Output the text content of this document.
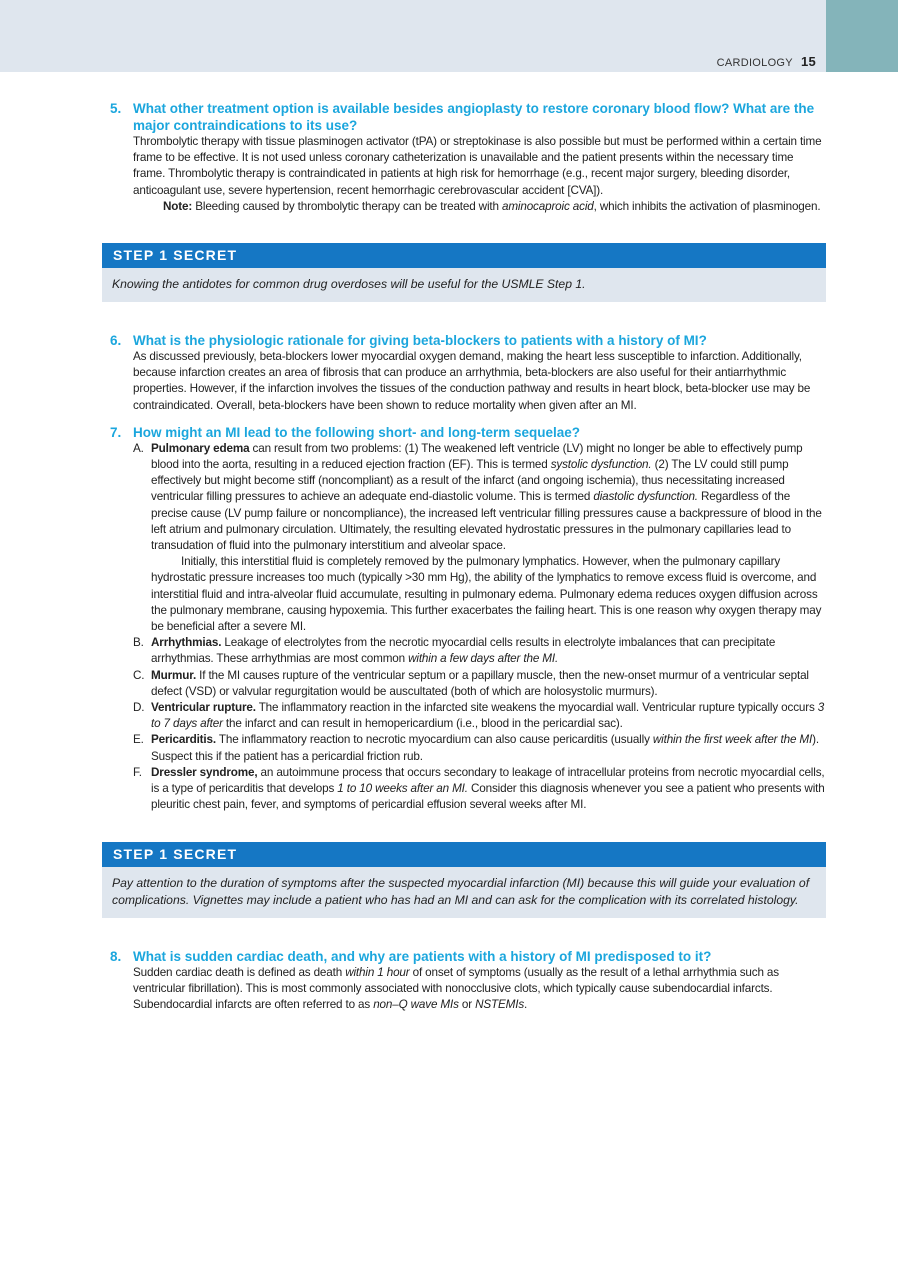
CARDIOLOGY 15
5. What other treatment option is available besides angioplasty to restore coronary blood flow? What are the major contraindications to its use?

Thrombolytic therapy with tissue plasminogen activator (tPA) or streptokinase is also possible but must be performed within a certain time frame to be effective. It is not used unless coronary catheterization is unavailable and the patient presents within the necessary time frame. Thrombolytic therapy is contraindicated in patients at high risk for hemorrhage (e.g., recent major surgery, bleeding disorder, anticoagulant use, severe hypertension, recent hemorrhagic cerebrovascular accident [CVA]).

Note: Bleeding caused by thrombolytic therapy can be treated with aminocaproic acid, which inhibits the activation of plasminogen.

STEP 1 SECRET
Knowing the antidotes for common drug overdoses will be useful for the USMLE Step 1.
6. What is the physiologic rationale for giving beta-blockers to patients with a history of MI?

As discussed previously, beta-blockers lower myocardial oxygen demand, making the heart less susceptible to infarction. Additionally, because infarction creates an area of fibrosis that can produce an arrhythmia, beta-blockers are also useful for their antiarrhythmic properties. However, if the infarction involves the tissues of the conduction pathway and results in heart block, beta-blocker use may be contraindicated. Overall, beta-blockers have been shown to reduce mortality when given after an MI.

7. How might an MI lead to the following short- and long-term sequelae?
A. Pulmonary edema can result from two problems: (1) The weakened left ventricle (LV) might no longer be able to effectively pump blood into the aorta, resulting in a reduced ejection fraction (EF). This is termed systolic dysfunction. (2) The LV could still pump effectively but might become stiff (noncompliant) as a result of the infarct (and ongoing ischemia), thus necessitating increased ventricular filling pressures to achieve an adequate end-diastolic volume. This is termed diastolic dysfunction. Regardless of the precise cause (LV pump failure or noncompliance), the increased left ventricular filling pressures cause a backpressure of blood in the left atrium and pulmonary circulation. Ultimately, the resulting elevated hydrostatic pressures in the pulmonary capillaries lead to transudation of fluid into the pulmonary interstitium and alveolar space.

Initially, this interstitial fluid is completely removed by the pulmonary lymphatics. However, when the pulmonary capillary hydrostatic pressure increases too much (typically >30 mm Hg), the ability of the lymphatics to remove excess fluid is overcome, and interstitial fluid and intra-alveolar fluid accumulate, resulting in pulmonary edema. Pulmonary edema reduces oxygen diffusion across the pulmonary membrane, causing hypoxemia. This further exacerbates the failing heart. This is one reason why oxygen therapy may be beneficial after a severe MI.

B. Arrhythmias. Leakage of electrolytes from the necrotic myocardial cells results in electrolyte imbalances that can precipitate arrhythmias. These arrhythmias are most common within a few days after the MI.

C. Murmur. If the MI causes rupture of the ventricular septum or a papillary muscle, then the new-onset murmur of a ventricular septal defect (VSD) or valvular regurgitation would be auscultated (both of which are holosystolic murmurs).

D. Ventricular rupture. The inflammatory reaction in the infarcted site weakens the myocardial wall. Ventricular rupture typically occurs 3 to 7 days after the infarct and can result in hemopericardium (i.e., blood in the pericardial sac).

E. Pericarditis. The inflammatory reaction to necrotic myocardium can also cause pericarditis (usually within the first week after the MI). Suspect this if the patient has a pericardial friction rub.

F. Dressler syndrome, an autoimmune process that occurs secondary to leakage of intracellular proteins from necrotic myocardial cells, is a type of pericarditis that develops 1 to 10 weeks after an MI. Consider this diagnosis whenever you see a patient who presents with pleuritic chest pain, fever, and symptoms of pericardial effusion several weeks after MI.

STEP 1 SECRET
Pay attention to the duration of symptoms after the suspected myocardial infarction (MI) because this will guide your evaluation of complications. Vignettes may include a patient who has had an MI and can ask for the complication with its correlated histology.
8. What is sudden cardiac death, and why are patients with a history of MI predisposed to it?

Sudden cardiac death is defined as death within 1 hour of onset of symptoms (usually as the result of a lethal arrhythmia such as ventricular fibrillation). This is most commonly associated with nonocclusive clots, which typically cause subendocardial infarcts. Subendocardial infarcts are often referred to as non–Q wave MIs or NSTEMIs.
